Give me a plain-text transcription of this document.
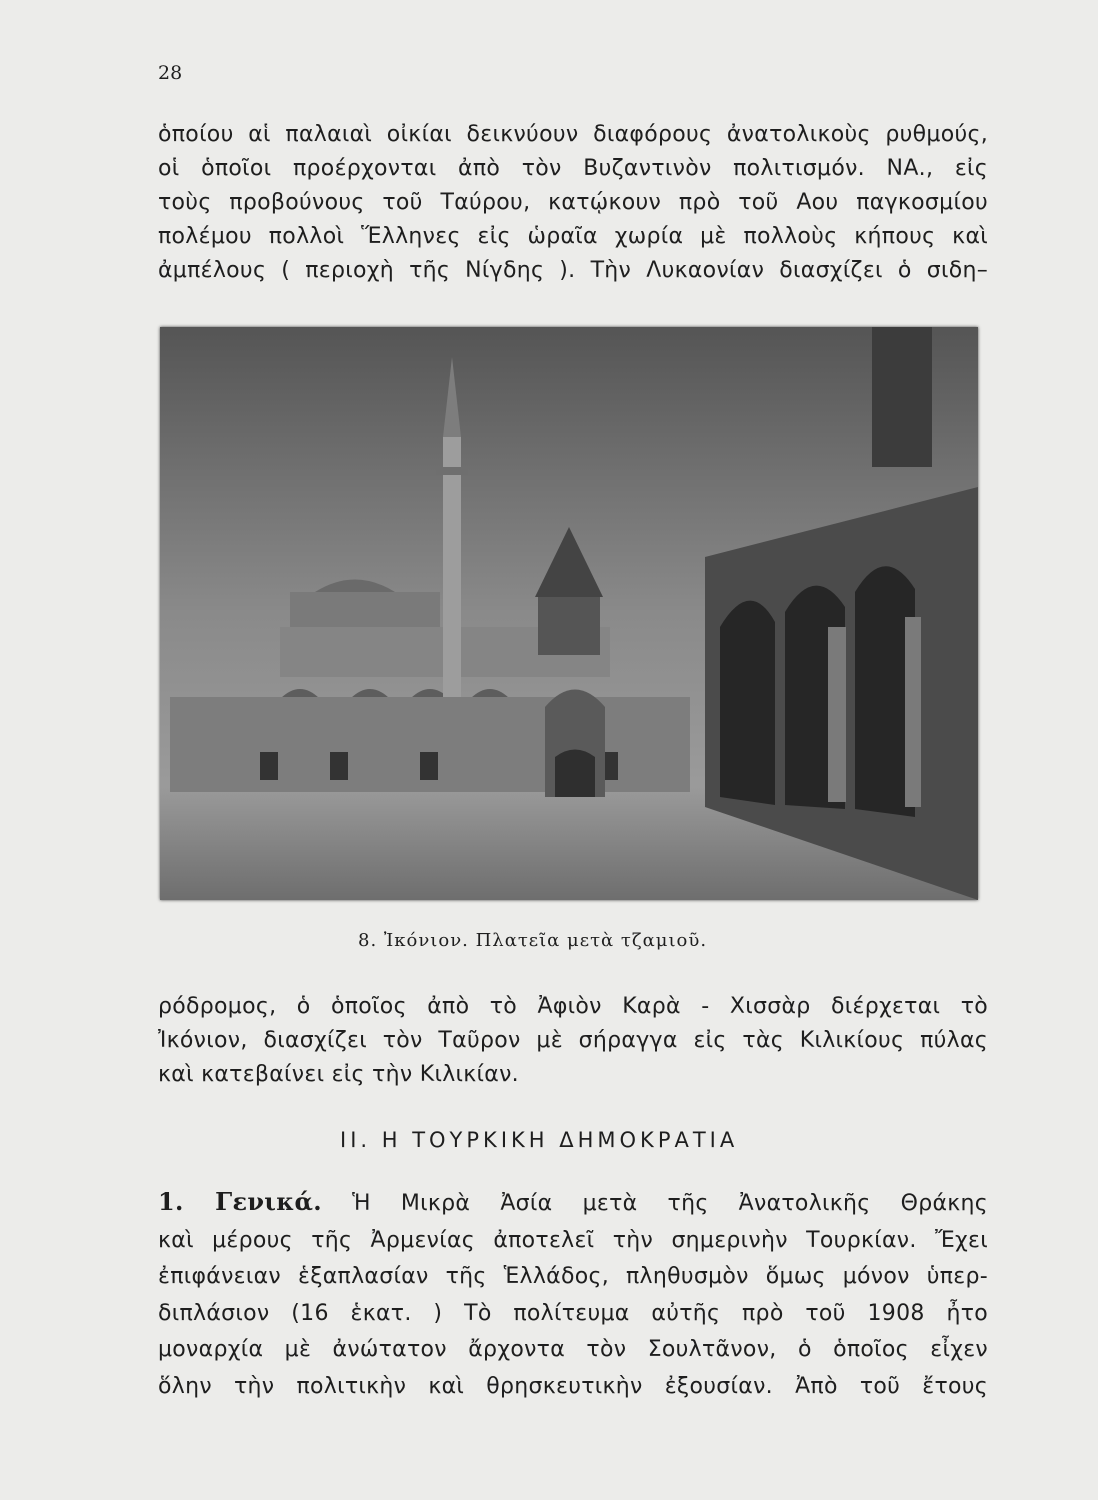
28
ὁποίου αἱ παλαιαὶ οἰκίαι δεικνύουν διαφόρους ἀνατολικοὺς ρυθμούς,
οἱ ὁποῖοι προέρχονται ἀπὸ τὸν Βυζαντινὸν πολιτισμόν. ΝΑ., εἰς
τοὺς προβούνους τοῦ Ταύρου, κατῴκουν πρὸ τοῦ Αου παγκοσμίου
πολέμου πολλοὶ Ἕλληνες εἰς ὡραῖα χωρία μὲ πολλοὺς κήπους καὶ
ἀμπέλους ( περιοχὴ τῆς Νίγδης ). Τὴν Λυκαονίαν διασχίζει ὁ σιδη–
8. Ἰκόνιον. Πλατεῖα μετὰ τζαμιοῦ.
ρόδρομος, ὁ ὁποῖος ἀπὸ τὸ Ἀφιὸν Καρὰ - Χισσὰρ διέρχεται τὸ
Ἰκόνιον, διασχίζει τὸν Ταῦρον μὲ σήραγγα εἰς τὰς Κιλικίους πύλας
καὶ κατεβαίνει εἰς τὴν Κιλικίαν.
ΙΙ. Η ΤΟΥΡΚΙΚΗ ΔΗΜΟΚΡΑΤΙΑ
1. Γενικά. Ἡ Μικρὰ Ἀσία μετὰ τῆς Ἀνατολικῆς Θράκης
καὶ μέρους τῆς Ἀρμενίας ἀποτελεῖ τὴν σημερινὴν Τουρκίαν. Ἔχει
ἐπιφάνειαν ἑξαπλασίαν τῆς Ἑλλάδος, πληθυσμὸν ὅμως μόνον ὑπερ-
διπλάσιον (16 ἑκατ. ) Τὸ πολίτευμα αὐτῆς πρὸ τοῦ 1908 ἦτο
μοναρχία μὲ ἀνώτατον ἄρχοντα τὸν Σουλτᾶνον, ὁ ὁποῖος εἶχεν
ὅλην τὴν πολιτικὴν καὶ θρησκευτικὴν ἐξουσίαν. Ἀπὸ τοῦ ἔτους
